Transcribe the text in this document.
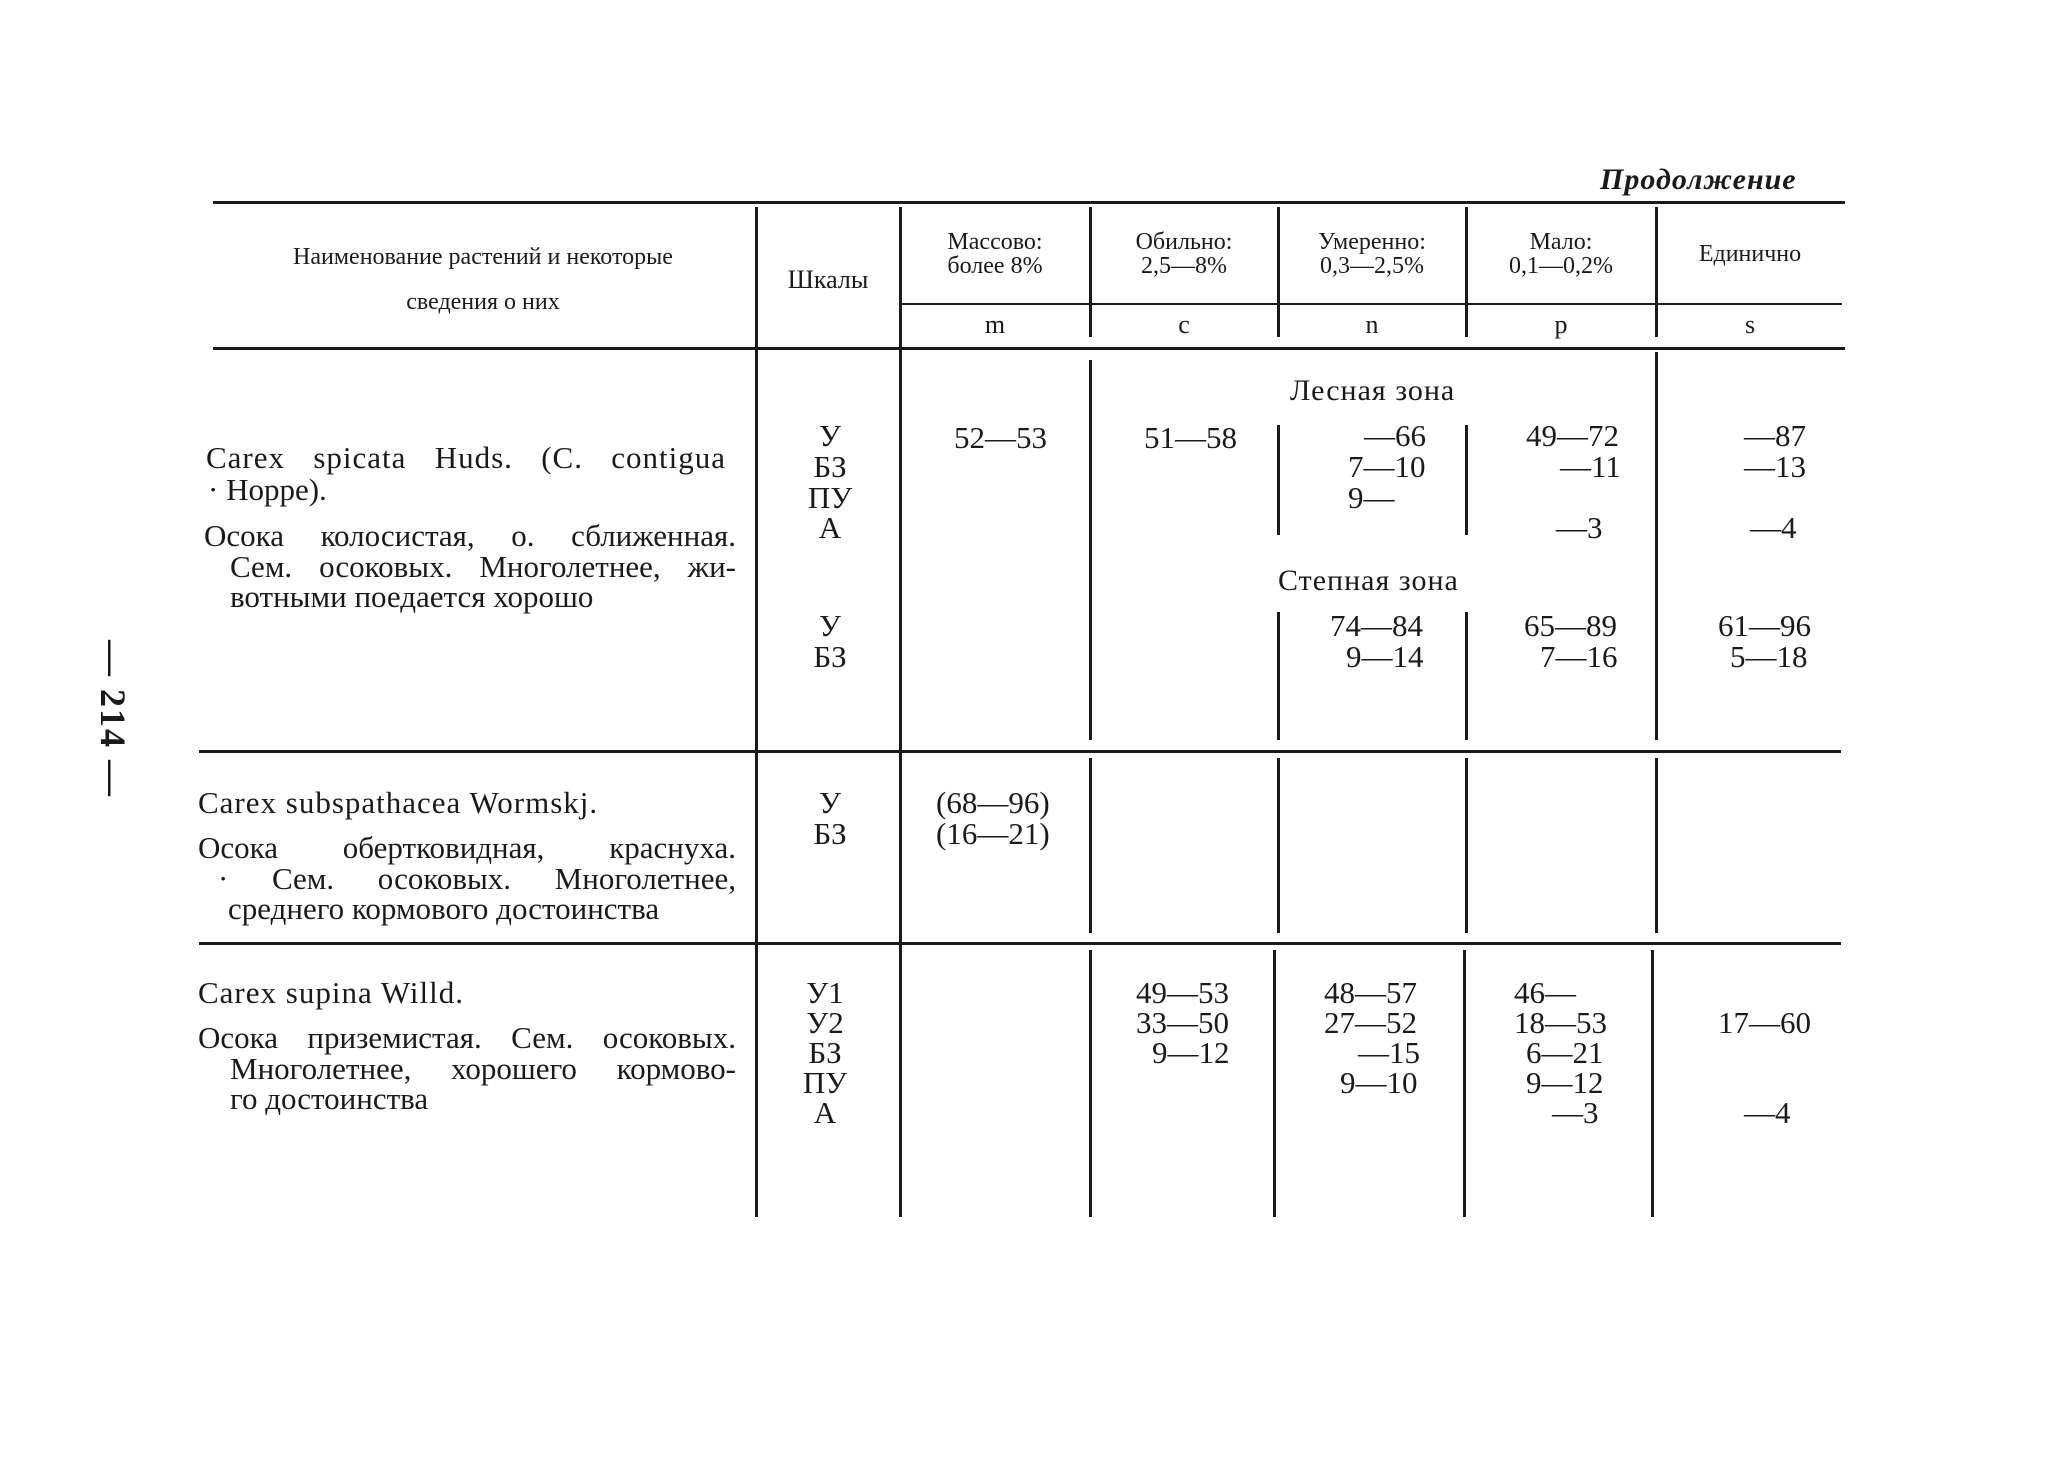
— 214 —
Продолжение
Наименование растений и некоторые
сведения о них
Шкалы
Массово:
более 8%
m
Обильно:
2,5—8%
c
Умеренно:
0,3—2,5%
n
Мало:
0,1—0,2%
p
Единично
s
Лесная зона
Степная зона
Carex spicata Huds. (C. contigua
· Hoppe).
Осока колосистая, о. сближенная.
Сем. осоковых. Многолетнее, жи-
вотными поедается хорошо
У
БЗ
ПУ
А
52—53	51—58	—66
7—10
9—
49—72
—11
—3
—87
—13
—4
У
БЗ
74—84
9—14
65—89
7—16
61—96
5—18
Carex subspathacea Wormskj.
Осока обертковидная, краснуха.
· Сем. осоковых. Многолетнее,
среднего кормового достоинства
У
БЗ
(68—96)
(16—21)
Carex supina Willd.
Осока приземистая. Сем. осоковых.
Многолетнее, хорошего кормово-
го достоинства
У1
У2
БЗ
ПУ
А
49—53
33—50
9—12
48—57
27—52
—15
9—10
46—
18—53
6—21
9—12
—3
17—60
—4
